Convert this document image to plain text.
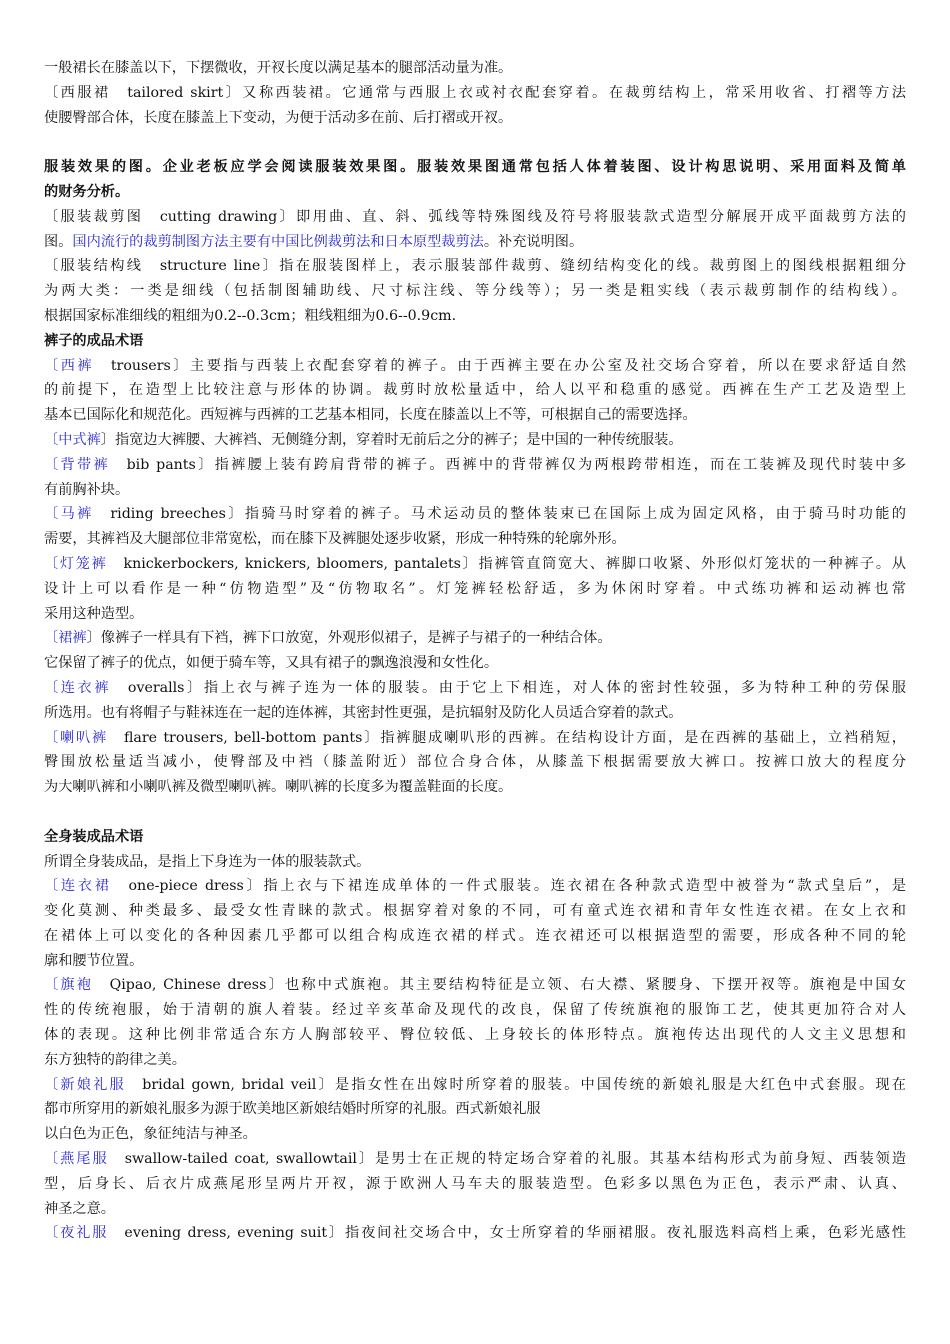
一般裙长在膝盖以下，下摆微收，开衩长度以满足基本的腿部活动量为准。
〔西服裙　tailored skirt〕又称西装裙。它通常与西服上衣或衬衣配套穿着。在裁剪结构上，常采用收省、打褶等方法
使腰臀部合体，长度在膝盖上下变动，为便于活动多在前、后打褶或开衩。
服装效果的图。企业老板应学会阅读服装效果图。服装效果图通常包括人体着装图、设计构思说明、采用面料及简单
的财务分析。
〔服装裁剪图　cutting drawing〕即用曲、直、斜、弧线等特殊图线及符号将服装款式造型分解展开成平面裁剪方法的
图。国内流行的裁剪制图方法主要有中国比例裁剪法和日本原型裁剪法。补充说明图。
〔服装结构线　structure line〕指在服装图样上，表示服装部件裁剪、缝纫结构变化的线。裁剪图上的图线根据粗细分
为两大类：一类是细线（包括制图辅助线、尺寸标注线、等分线等）；另一类是粗实线（表示裁剪制作的结构线）。
根据国家标准细线的粗细为0.2--0.3cm；粗线粗细为0.6--0.9cm.
裤子的成品术语
〔西裤　trousers〕主要指与西装上衣配套穿着的裤子。由于西裤主要在办公室及社交场合穿着，所以在要求舒适自然
的前提下，在造型上比较注意与形体的协调。裁剪时放松量适中，给人以平和稳重的感觉。西裤在生产工艺及造型上
基本已国际化和规范化。西短裤与西裤的工艺基本相同，长度在膝盖以上不等，可根据自己的需要选择。
〔中式裤〕指宽边大裤腰、大裤裆、无侧缝分割，穿着时无前后之分的裤子；是中国的一种传统服装。
〔背带裤　bib pants〕指裤腰上装有跨肩背带的裤子。西裤中的背带裤仅为两根跨带相连，而在工装裤及现代时装中多
有前胸补块。
〔马裤　riding breeches〕指骑马时穿着的裤子。马术运动员的整体装束已在国际上成为固定风格，由于骑马时功能的
需要，其裤裆及大腿部位非常宽松，而在膝下及裤腿处逐步收紧，形成一种特殊的轮廓外形。
〔灯笼裤　knickerbockers, knickers, bloomers, pantalets〕指裤管直筒宽大、裤脚口收紧、外形似灯笼状的一种裤子。从
设计上可以看作是一种“仿物造型”及“仿物取名”。灯笼裤轻松舒适，多为休闲时穿着。中式练功裤和运动裤也常
采用这种造型。
〔裙裤〕像裤子一样具有下裆，裤下口放宽，外观形似裙子，是裤子与裙子的一种结合体。
它保留了裤子的优点，如便于骑车等，又具有裙子的飘逸浪漫和女性化。
〔连衣裤　overalls〕指上衣与裤子连为一体的服装。由于它上下相连，对人体的密封性较强，多为特种工种的劳保服
所选用。也有将帽子与鞋袜连在一起的连体裤，其密封性更强，是抗辐射及防化人员适合穿着的款式。
〔喇叭裤　flare trousers, bell-bottom pants〕指裤腿成喇叭形的西裤。在结构设计方面，是在西裤的基础上，立裆稍短，
臀围放松量适当减小，使臀部及中裆（膝盖附近）部位合身合体，从膝盖下根据需要放大裤口。按裤口放大的程度分
为大喇叭裤和小喇叭裤及微型喇叭裤。喇叭裤的长度多为覆盖鞋面的长度。
全身装成品术语
所谓全身装成品，是指上下身连为一体的服装款式。
〔连衣裙　one-piece dress〕指上衣与下裙连成单体的一件式服装。连衣裙在各种款式造型中被誉为“款式皇后”，是
变化莫测、种类最多、最受女性青睐的款式。根据穿着对象的不同，可有童式连衣裙和青年女性连衣裙。在女上衣和
在裙体上可以变化的各种因素几乎都可以组合构成连衣裙的样式。连衣裙还可以根据造型的需要，形成各种不同的轮
廓和腰节位置。
〔旗袍　Qipao, Chinese dress〕也称中式旗袍。其主要结构特征是立领、右大襟、紧腰身、下摆开衩等。旗袍是中国女
性的传统袍服，始于清朝的旗人着装。经过辛亥革命及现代的改良，保留了传统旗袍的服饰工艺，使其更加符合对人
体的表现。这种比例非常适合东方人胸部较平、臀位较低、上身较长的体形特点。旗袍传达出现代的人文主义思想和
东方独特的韵律之美。
〔新娘礼服　bridal gown, bridal veil〕是指女性在出嫁时所穿着的服装。中国传统的新娘礼服是大红色中式套服。现在
都市所穿用的新娘礼服多为源于欧美地区新娘结婚时所穿的礼服。西式新娘礼服
以白色为正色，象征纯洁与神圣。
〔燕尾服　swallow-tailed coat, swallowtail〕是男士在正规的特定场合穿着的礼服。其基本结构形式为前身短、西装领造
型，后身长、后衣片成燕尾形呈两片开衩，源于欧洲人马车夫的服装造型。色彩多以黑色为正色，表示严肃、认真、
神圣之意。
〔夜礼服　evening dress, evening suit〕指夜间社交场合中，女士所穿着的华丽裙服。夜礼服选料高档上乘，色彩光感性
